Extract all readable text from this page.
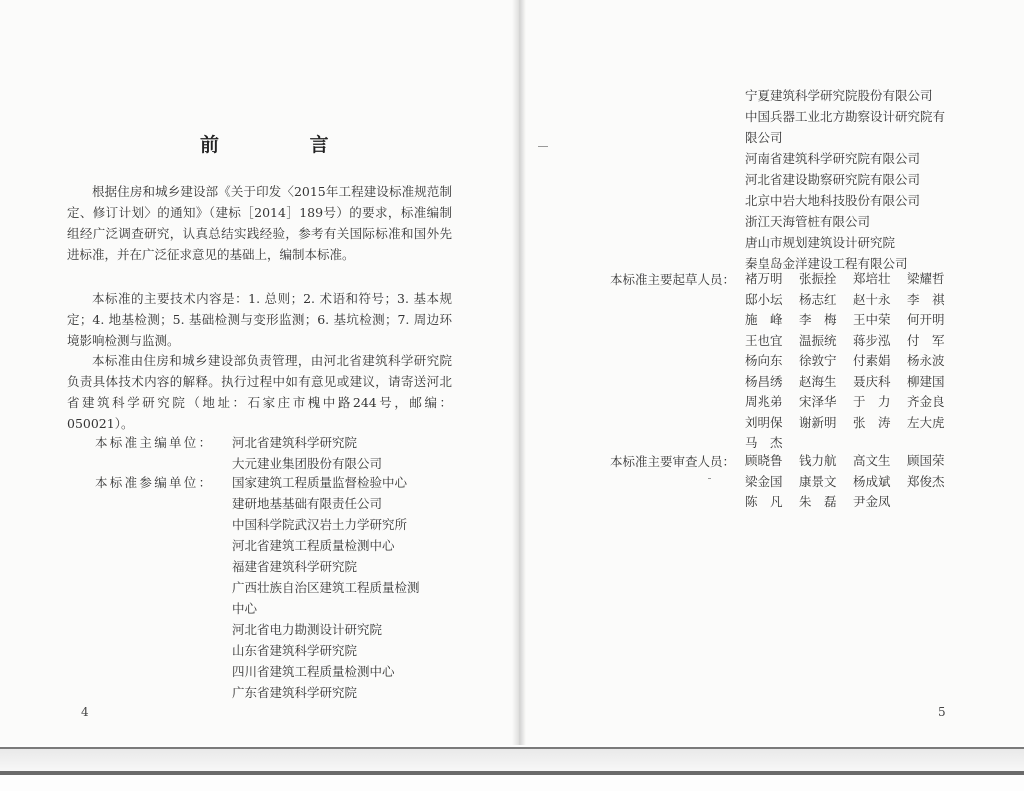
前 言
根据住房和城乡建设部《关于印发〈2015年工程建设标准规范制定、修订计划〉的通知》（建标［2014］189号）的要求，标准编制组经广泛调查研究，认真总结实践经验，参考有关国际标准和国外先进标准，并在广泛征求意见的基础上，编制本标准。
本标准的主要技术内容是：1. 总则；2. 术语和符号；3. 基本规定；4. 地基检测；5. 基础检测与变形监测；6. 基坑检测；7. 周边环境影响检测与监测。
本标准由住房和城乡建设部负责管理，由河北省建筑科学研究院负责具体技术内容的解释。执行过程中如有意见或建议，请寄送河北省建筑科学研究院（地址：石家庄市槐中路244号，邮编：050021）。
本标准主编单位： 河北省建筑科学研究院
大元建业集团股份有限公司
本标准参编单位： 国家建筑工程质量监督检验中心
建研地基基础有限责任公司
中国科学院武汉岩土力学研究所
河北省建筑工程质量检测中心
福建省建筑科学研究院
广西壮族自治区建筑工程质量检测
中心
河北省电力勘测设计研究院
山东省建筑科学研究院
四川省建筑工程质量检测中心
广东省建筑科学研究院
4
宁夏建筑科学研究院股份有限公司
中国兵器工业北方勘察设计研究院有
限公司
河南省建筑科学研究院有限公司
河北省建设勘察研究院有限公司
北京中岩大地科技股份有限公司
浙江天海管桩有限公司
唐山市规划建筑设计研究院
秦皇岛金洋建设工程有限公司
本标准主要起草人员： 褚万明	张振拴	郑培壮	梁耀哲
邸小坛	杨志红	赵十永	李　祺
施　峰	李　梅	王中荣	何开明
王也宜	温振统	蒋步泓	付　军
杨向东	徐敦宁	付素娟	杨永波
杨昌绣	赵海生	聂庆科	柳建国
周兆弟	宋泽华	于　力	齐金良
刘明保	谢新明	张　涛	左大虎
马　杰
本标准主要审查人员： 顾晓鲁	钱力航	高文生	顾国荣
梁金国	康景文	杨成斌	郑俊杰
陈　凡	朱　磊	尹金凤
5
